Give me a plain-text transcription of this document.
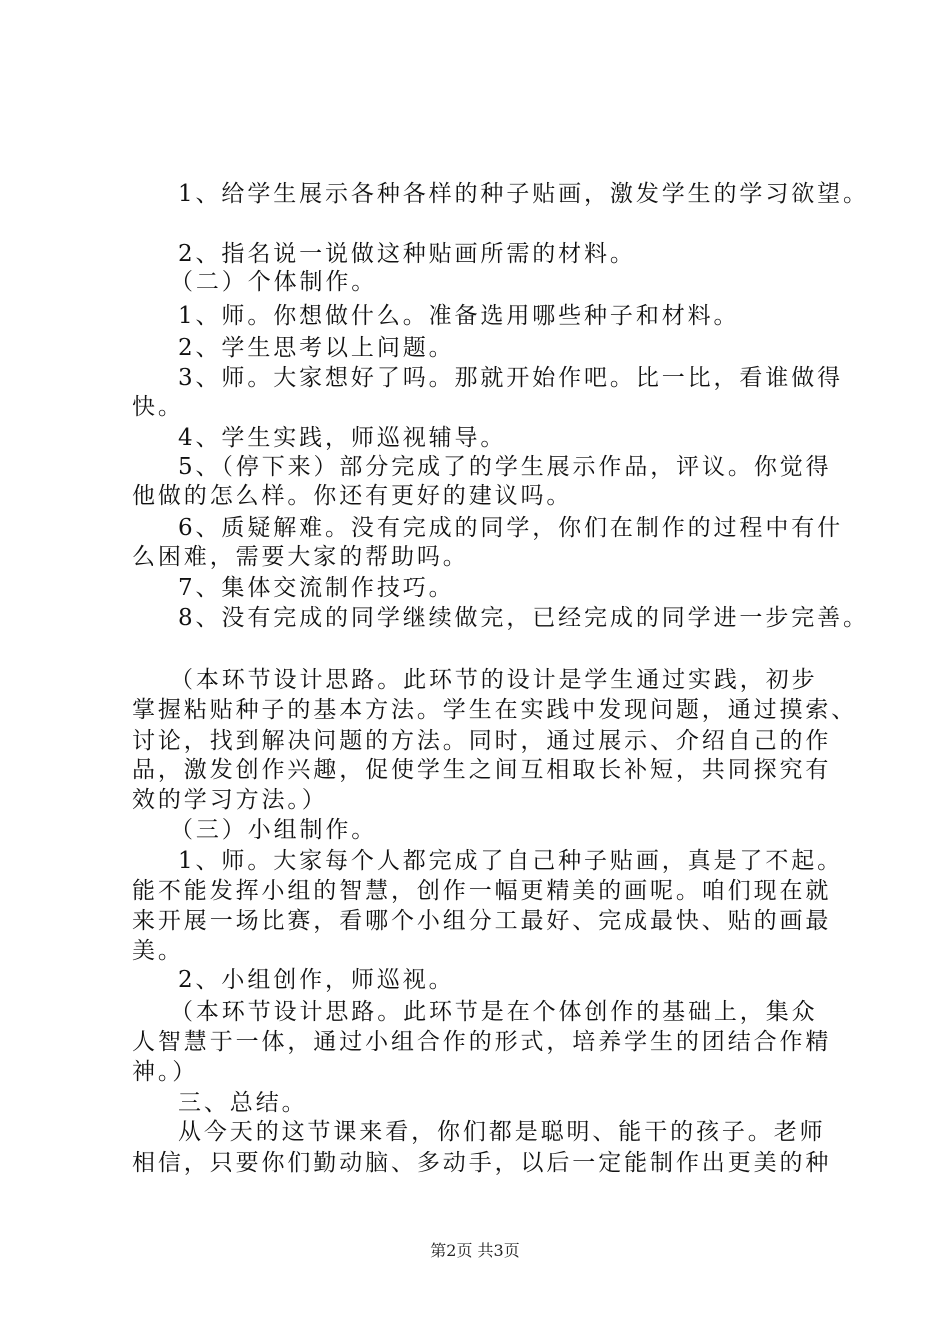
1、给学生展示各种各样的种子贴画，激发学生的学习欲望。
2、指名说一说做这种贴画所需的材料。
（二）个体制作。
1、师。你想做什么。准备选用哪些种子和材料。
2、学生思考以上问题。
3、师。大家想好了吗。那就开始作吧。比一比，看谁做得
快。
4、学生实践，师巡视辅导。
5、（停下来）部分完成了的学生展示作品，评议。你觉得
他做的怎么样。你还有更好的建议吗。
6、质疑解难。没有完成的同学，你们在制作的过程中有什
么困难，需要大家的帮助吗。
7、集体交流制作技巧。
8、没有完成的同学继续做完，已经完成的同学进一步完善。
（本环节设计思路。此环节的设计是学生通过实践，初步
掌握粘贴种子的基本方法。学生在实践中发现问题，通过摸索、
讨论，找到解决问题的方法。同时，通过展示、介绍自己的作
品，激发创作兴趣，促使学生之间互相取长补短，共同探究有
效的学习方法。）
（三）小组制作。
1、师。大家每个人都完成了自己种子贴画，真是了不起。
能不能发挥小组的智慧，创作一幅更精美的画呢。咱们现在就
来开展一场比赛，看哪个小组分工最好、完成最快、贴的画最
美。
2、小组创作，师巡视。
（本环节设计思路。此环节是在个体创作的基础上，集众
人智慧于一体，通过小组合作的形式，培养学生的团结合作精
神。）
三、总结。
从今天的这节课来看，你们都是聪明、能干的孩子。老师
相信，只要你们勤动脑、多动手，以后一定能制作出更美的种
第2页 共3页
